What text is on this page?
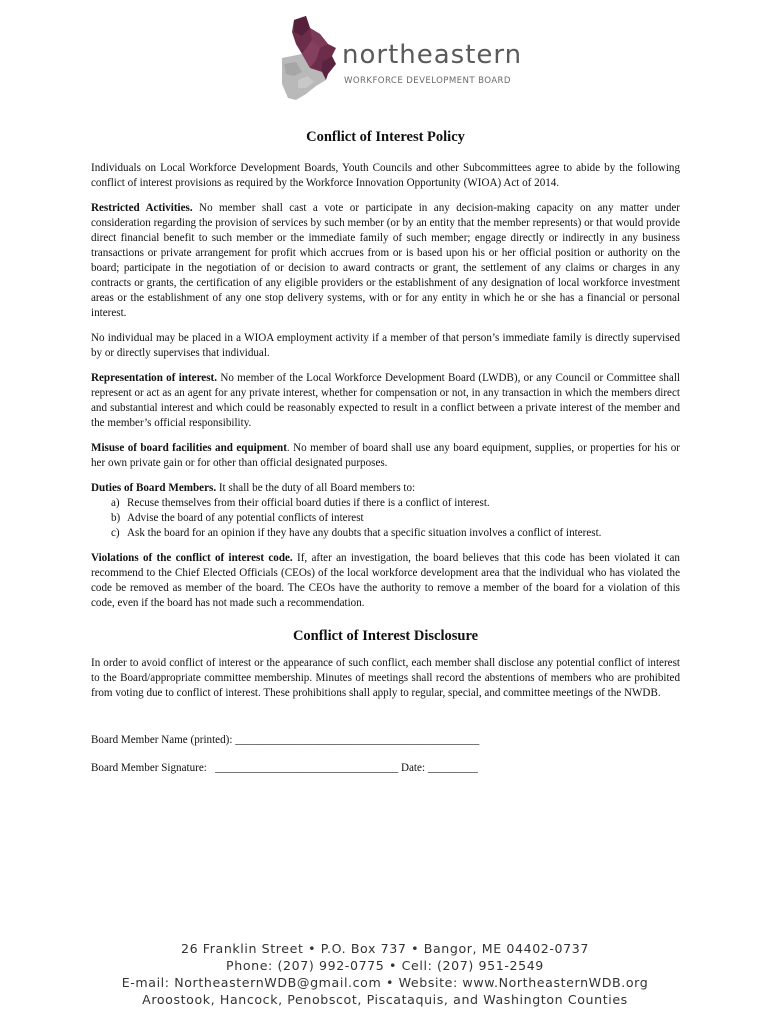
northeastern
WORKFORCE DEVELOPMENT BOARD
Conflict of Interest Policy

Individuals on Local Workforce Development Boards, Youth Councils and other Subcommittees agree to abide by the following conflict of interest provisions as required by the Workforce Innovation Opportunity (WIOA) Act of 2014.

Restricted Activities. No member shall cast a vote or participate in any decision-making capacity on any matter under consideration regarding the provision of services by such member (or by an entity that the member represents) or that would provide direct financial benefit to such member or the immediate family of such member; engage directly or indirectly in any business transactions or private arrangement for profit which accrues from or is based upon his or her official position or authority on the board; participate in the negotiation of or decision to award contracts or grant, the settlement of any claims or charges in any contracts or grants, the certification of any eligible providers or the establishment of any designation of local workforce investment areas or the establishment of any one stop delivery systems, with or for any entity in which he or she has a financial or personal interest.

No individual may be placed in a WIOA employment activity if a member of that person’s immediate family is directly supervised by or directly supervises that individual.

Representation of interest. No member of the Local Workforce Development Board (LWDB), or any Council or Committee shall represent or act as an agent for any private interest, whether for compensation or not, in any transaction in which the members direct and substantial interest and which could be reasonably expected to result in a conflict between a private interest of the member and the member’s official responsibility.

Misuse of board facilities and equipment. No member of board shall use any board equipment, supplies, or properties for his or her own private gain or for other than official designated purposes.

Duties of Board Members. It shall be the duty of all Board members to:

a) Recuse themselves from their official board duties if there is a conflict of interest.
b) Advise the board of any potential conflicts of interest
c) Ask the board for an opinion if they have any doubts that a specific situation involves a conflict of interest.

Violations of the conflict of interest code. If, after an investigation, the board believes that this code has been violated it can recommend to the Chief Elected Officials (CEOs) of the local workforce development area that the individual who has violated the code be removed as member of the board. The CEOs have the authority to remove a member of the board for a violation of this code, even if the board has not made such a recommendation.

Conflict of Interest Disclosure

In order to avoid conflict of interest or the appearance of such conflict, each member shall disclose any potential conflict of interest to the Board/appropriate committee membership. Minutes of meetings shall record the abstentions of members who are prohibited from voting due to conflict of interest. These prohibitions shall apply to regular, special, and committee meetings of the NWDB.

Board Member Name (printed): ____________________________________________
Board Member Signature: _________________________________ Date: _________
26 Franklin Street • P.O. Box 737 • Bangor, ME 04402-0737
Phone: (207) 992-0775 • Cell: (207) 951-2549
E-mail: NortheasternWDB@gmail.com • Website: www.NortheasternWDB.org
Aroostook, Hancock, Penobscot, Piscataquis, and Washington Counties
